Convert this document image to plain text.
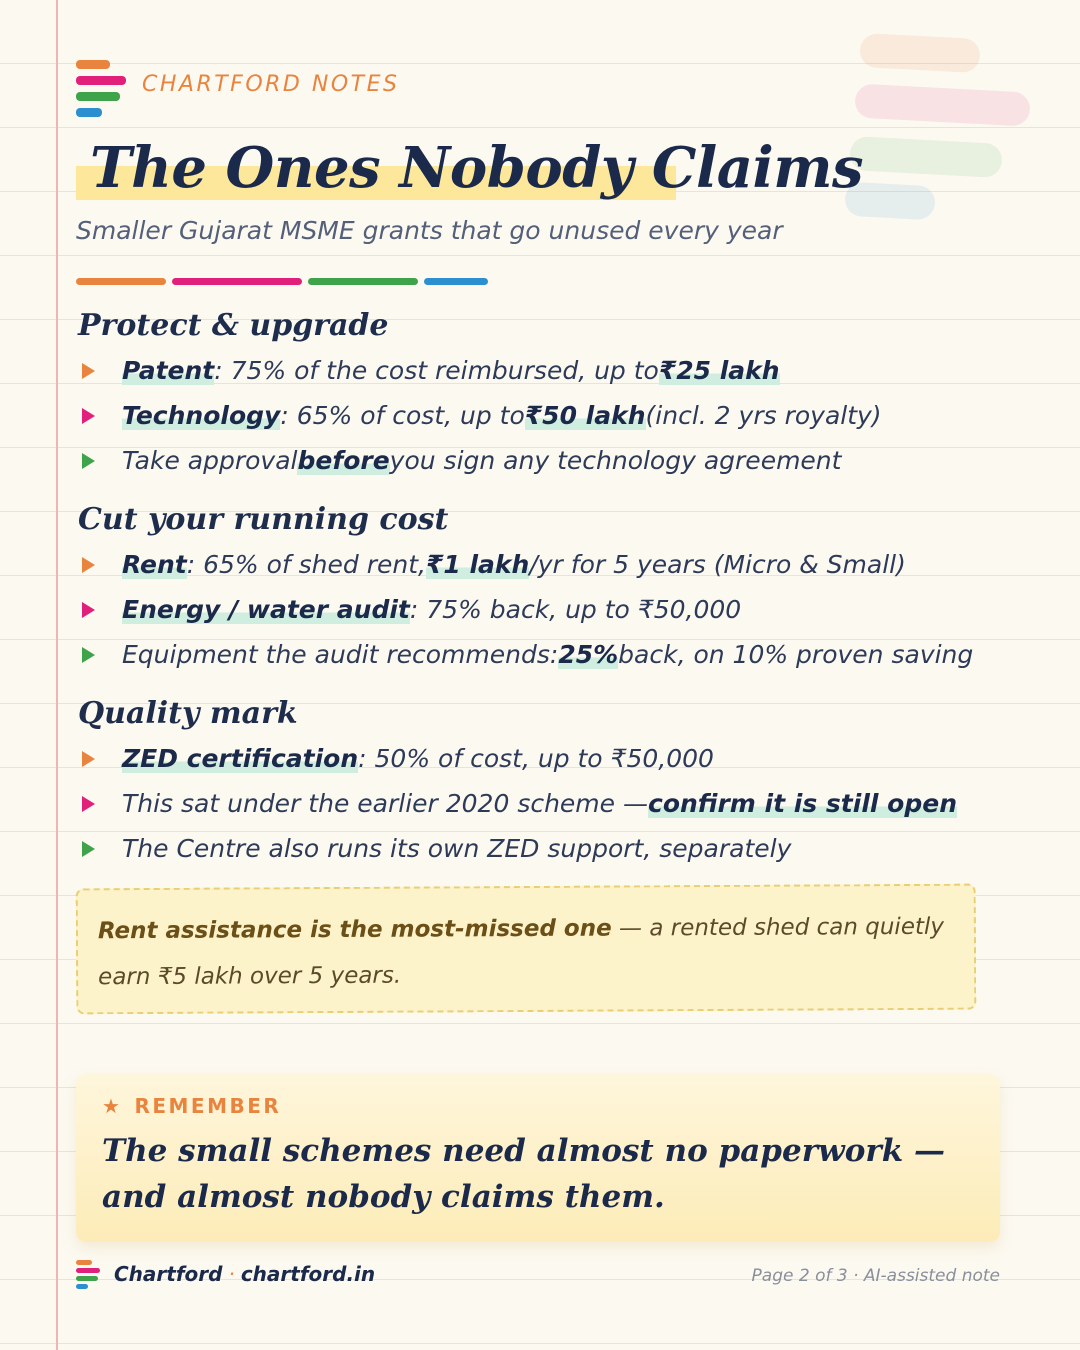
CHARTFORD NOTES
The Ones Nobody Claims
Smaller Gujarat MSME grants that go unused every year
Protect & upgrade
Patent : 75% of the cost reimbursed, up to ₹25 lakh
Technology : 65% of cost, up to ₹50 lakh (incl. 2 yrs royalty)
Take approval before you sign any technology agreement
Cut your running cost
Rent : 65% of shed rent, ₹1 lakh /yr for 5 years (Micro & Small)
Energy / water audit : 75% back, up to ₹50,000
Equipment the audit recommends: 25% back, on 10% proven saving
Quality mark
ZED certification : 50% of cost, up to ₹50,000
This sat under the earlier 2020 scheme — confirm it is still open
The Centre also runs its own ZED support, separately
Rent assistance is the most-missed one — a rented shed can quietly earn ₹5 lakh over 5 years.
★ REMEMBER
The small schemes need almost no paperwork — and almost nobody claims them.
Chartford · chartford.in	Page 2 of 3 · AI-assisted note
